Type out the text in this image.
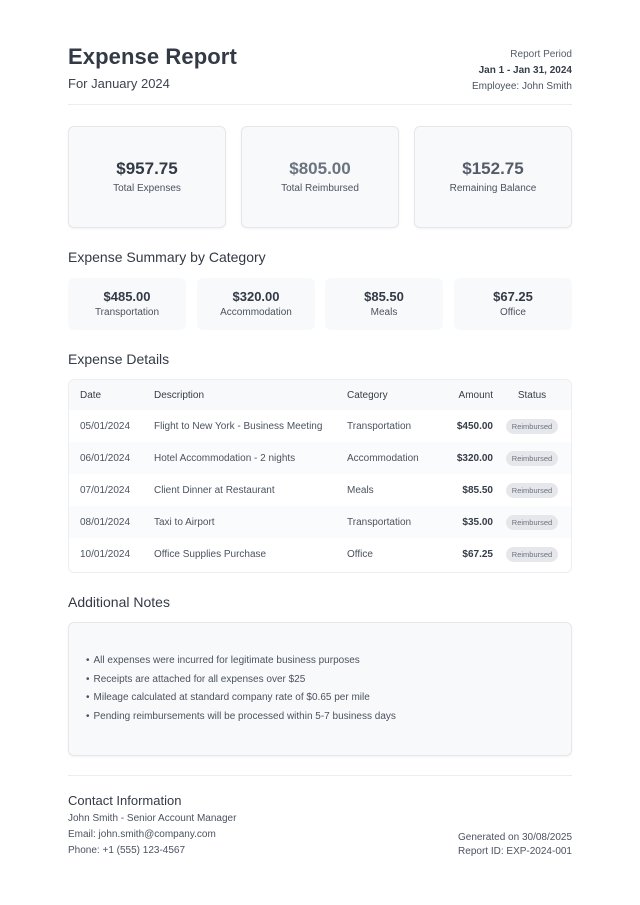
Expense Report
For January 2024
Report Period
Jan 1 - Jan 31, 2024
Employee: John Smith
$957.75
Total Expenses
$805.00
Total Reimbursed
$152.75
Remaining Balance
Expense Summary by Category
$485.00
Transportation
$320.00
Accommodation
$85.50
Meals
$67.25
Office
Expense Details
Date	Description	Category	Amount	Status
05/01/2024	Flight to New York - Business Meeting	Transportation	$450.00	Reimbursed
06/01/2024	Hotel Accommodation - 2 nights	Accommodation	$320.00	Reimbursed
07/01/2024	Client Dinner at Restaurant	Meals	$85.50	Reimbursed
08/01/2024	Taxi to Airport	Transportation	$35.00	Reimbursed
10/01/2024	Office Supplies Purchase	Office	$67.25	Reimbursed
Additional Notes
• All expenses were incurred for legitimate business purposes
• Receipts are attached for all expenses over $25
• Mileage calculated at standard company rate of $0.65 per mile
• Pending reimbursements will be processed within 5-7 business days
Contact Information
John Smith - Senior Account Manager
Email: john.smith@company.com
Phone: +1 (555) 123-4567
Generated on 30/08/2025
Report ID: EXP-2024-001
